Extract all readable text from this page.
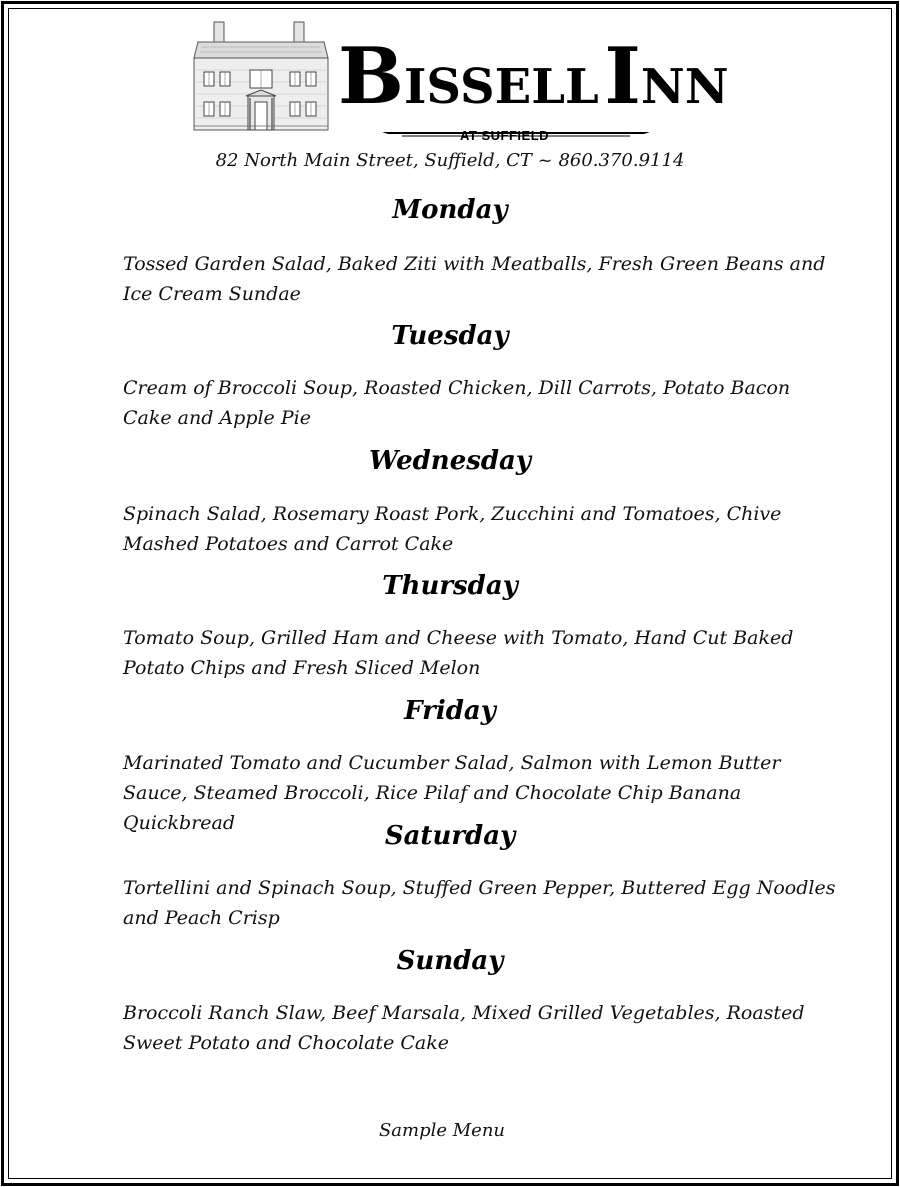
BISSELL INN
AT SUFFIELD
82 North Main Street, Suffield, CT ~ 860.370.9114
Monday
Tossed Garden Salad, Baked Ziti with Meatballs, Fresh Green Beans and Ice Cream Sundae
Tuesday
Cream of Broccoli Soup, Roasted Chicken, Dill Carrots, Potato Bacon Cake and Apple Pie
Wednesday
Spinach Salad, Rosemary Roast Pork, Zucchini and Tomatoes, Chive Mashed Potatoes and Carrot Cake
Thursday
Tomato Soup, Grilled Ham and Cheese with Tomato, Hand Cut Baked Potato Chips and Fresh Sliced Melon
Friday
Marinated Tomato and Cucumber Salad, Salmon with Lemon Butter Sauce, Steamed Broccoli, Rice Pilaf and Chocolate Chip Banana Quickbread	Saturday
Tortellini and Spinach Soup, Stuffed Green Pepper, Buttered Egg Noodles and Peach Crisp
Sunday
Broccoli Ranch Slaw, Beef Marsala, Mixed Grilled Vegetables, Roasted Sweet Potato and Chocolate Cake
Sample Menu
